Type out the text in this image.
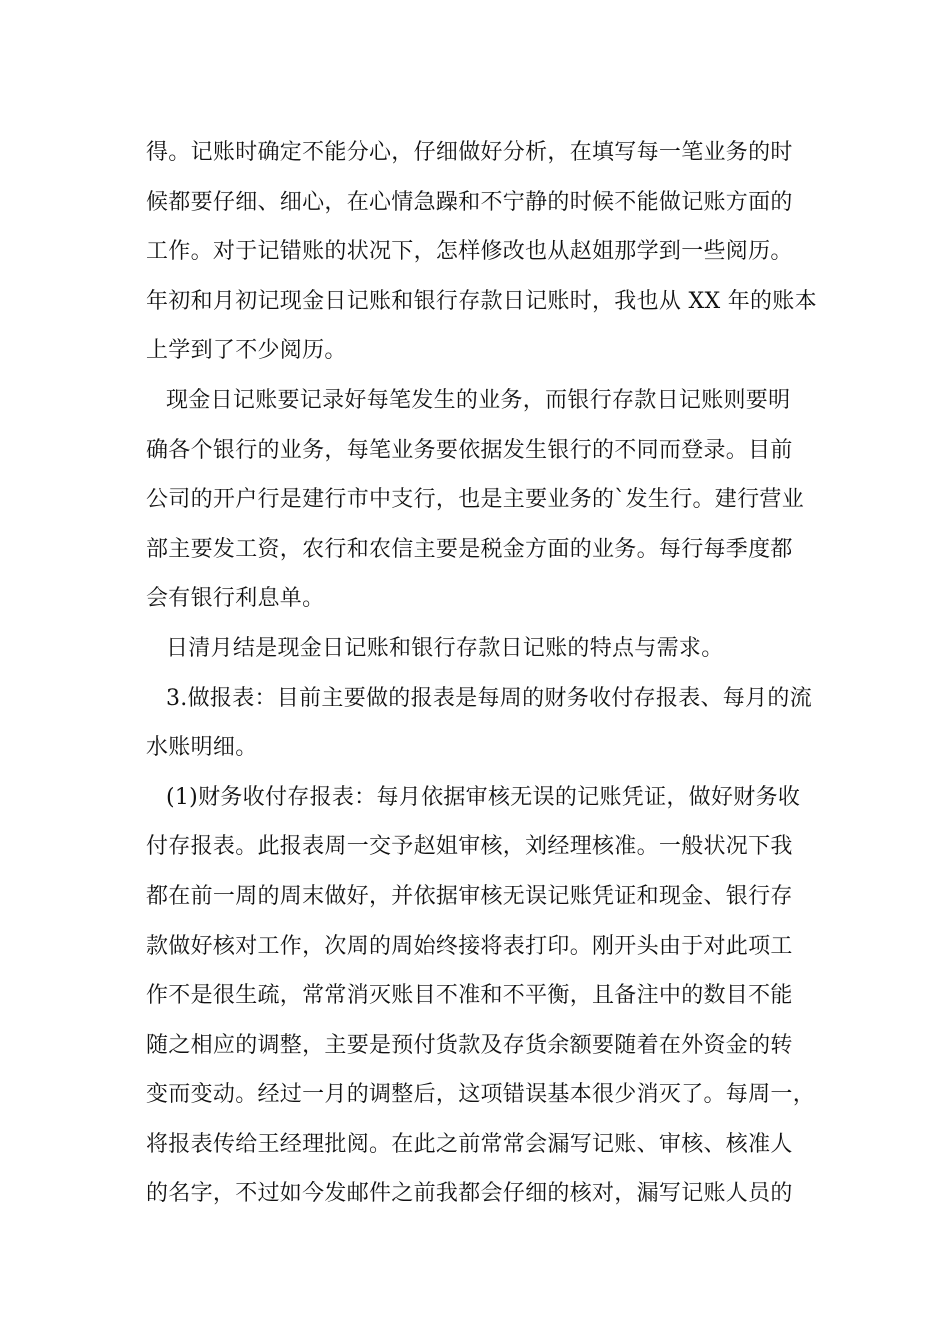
得。记账时确定不能分心，仔细做好分析，在填写每一笔业务的时
候都要仔细、细心，在心情急躁和不宁静的时候不能做记账方面的
工作。对于记错账的状况下，怎样修改也从赵姐那学到一些阅历。
年初和月初记现金日记账和银行存款日记账时，我也从 XX 年的账本
上学到了不少阅历。
现金日记账要记录好每笔发生的业务，而银行存款日记账则要明
确各个银行的业务，每笔业务要依据发生银行的不同而登录。目前
公司的开户行是建行市中支行，也是主要业务的`发生行。建行营业
部主要发工资，农行和农信主要是税金方面的业务。每行每季度都
会有银行利息单。
日清月结是现金日记账和银行存款日记账的特点与需求。
3.做报表：目前主要做的报表是每周的财务收付存报表、每月的流
水账明细。
(1)财务收付存报表：每月依据审核无误的记账凭证，做好财务收
付存报表。此报表周一交予赵姐审核，刘经理核准。一般状况下我
都在前一周的周末做好，并依据审核无误记账凭证和现金、银行存
款做好核对工作，次周的周始终接将表打印。刚开头由于对此项工
作不是很生疏，常常消灭账目不准和不平衡，且备注中的数目不能
随之相应的调整，主要是预付货款及存货余额要随着在外资金的转
变而变动。经过一月的调整后，这项错误基本很少消灭了。每周一，
将报表传给王经理批阅。在此之前常常会漏写记账、审核、核准人
的名字，不过如今发邮件之前我都会仔细的核对，漏写记账人员的
